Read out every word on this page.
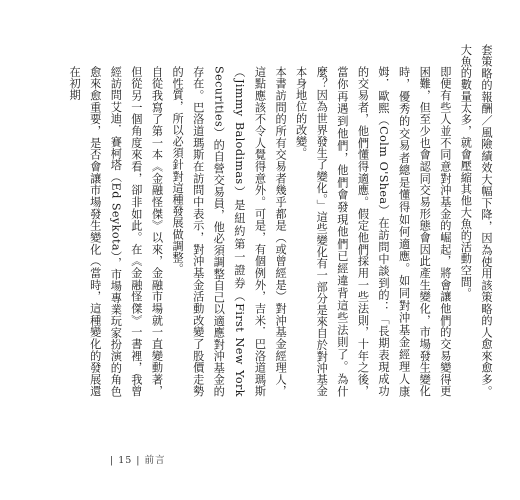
套策略的報酬／風險績效大幅下降，因為使用該策略的人愈來愈多。大魚的數量太多，就會壓縮其他大魚的活動空間。

即便有些人並不同意對沖基金的崛起，將會讓他們的交易變得更困難，但至少也會認同交易形態會因此產生變化，市場發生變化時，優秀的交易者總是懂得如何適應。如同對沖基金經理人康姆．歐熙（Colm O'Shea）在訪問中談到的：「長期表現成功的交易者，他們懂得適應。假定他們採用一些法則，十年之後，當你再遇到他們，他們會發現他們已經違背這些法則了。為什麼？因為世界發生了變化。」這些變化有一部分是來自於對沖基金本身地位的改變。

本書訪問的所有交易者幾乎都是（或曾經是）對沖基金經理人，這點應該不令人覺得意外。可是，有個例外，吉米．巴洛道瑪斯（Jimmy Balodimas）是紐約第一證券（First New York Securities）的自營交易員，他必須調整自己以適應對沖基金的存在。巴洛道瑪斯在訪問中表示，對沖基金活動改變了股價走勢的性質，所以必須針對這種發展做調整。

自從我寫了第一本《金融怪傑》以來，金融市場就一直變動著，但從另一個角度來看，卻非如此。在《金融怪傑》一書裡，我曾經訪問艾迪．賽柯塔（Ed Seykota），市場專業玩家扮演的角色愈來愈重要，是否會讓市場發生變化（當時，這種變化的發展還在初期

| 15 | 前言
